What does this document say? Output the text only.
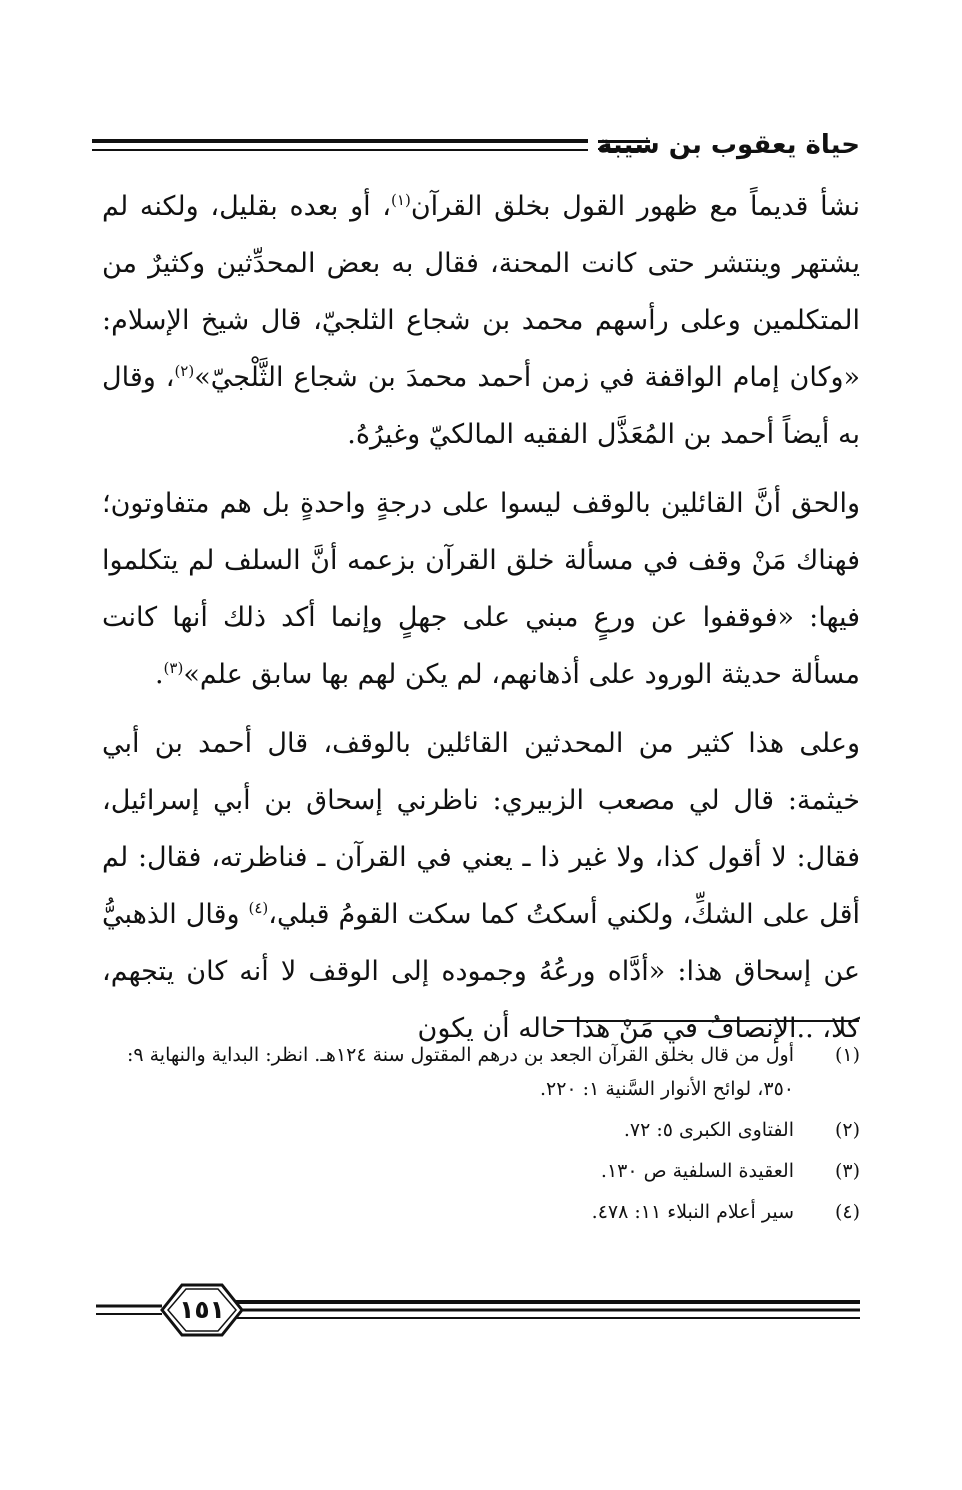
حياة يعقوب بن شيبة

نشأ قديماً مع ظهور القول بخلق القرآن$^{(١)}$، أو بعده بقليل، ولكنه لم يشتهر وينتشر حتى كانت المحنة، فقال به بعض المحدِّثين وكثيرٌ من المتكلمين وعلى رأسهم محمد بن شجاع الثلجيّ، قال شيخ الإسلام: «وكان إمام الواقفة في زمن أحمد محمدَ بن شجاع الثَّلْجيّ»$^{(٢)}$، وقال به أيضاً أحمد بن المُعَذَّل الفقيه المالكيّ وغيرُهُ.

والحق أنَّ القائلين بالوقف ليسوا على درجةٍ واحدةٍ بل هم متفاوتون؛ فهناك مَنْ وقف في مسألة خلق القرآن بزعمه أنَّ السلف لم يتكلموا فيها: «فوقفوا عن ورعٍ مبني على جهلٍ وإنما أكد ذلك أنها كانت مسألة حديثة الورود على أذهانهم، لم يكن لهم بها سابق علم»$^{(٣)}$.

وعلى هذا كثير من المحدثين القائلين بالوقف، قال أحمد بن أبي خيثمة: قال لي مصعب الزبيري: ناظرني إسحاق بن أبي إسرائيل، فقال: لا أقول كذا، ولا غير ذا ـ يعني في القرآن ـ فناظرته، فقال: لم أقل على الشكِّ، ولكني أسكتُ كما سكت القومُ قبلي،$^{(٤)}$ وقال الذهبيُّ عن إسحاق هذا: «أدَّاه ورعُهُ وجموده إلى الوقف لا أنه كان يتجهم، كلا، ..الإنصافُ في مَنْ هذا حاله أن يكون

(١)
أول من قال بخلق القرآن الجعد بن درهم المقتول سنة ١٢٤هـ. انظر: البداية والنهاية ٩: ٣٥٠، لوائح الأنوار السَّنية ١: ٢٢٠.
(٢)
الفتاوى الكبرى ٥: ٧٢.
(٣)
العقيدة السلفية ص ١٣٠.
(٤)
سير أعلام النبلاء ١١: ٤٧٨.
١٥١
